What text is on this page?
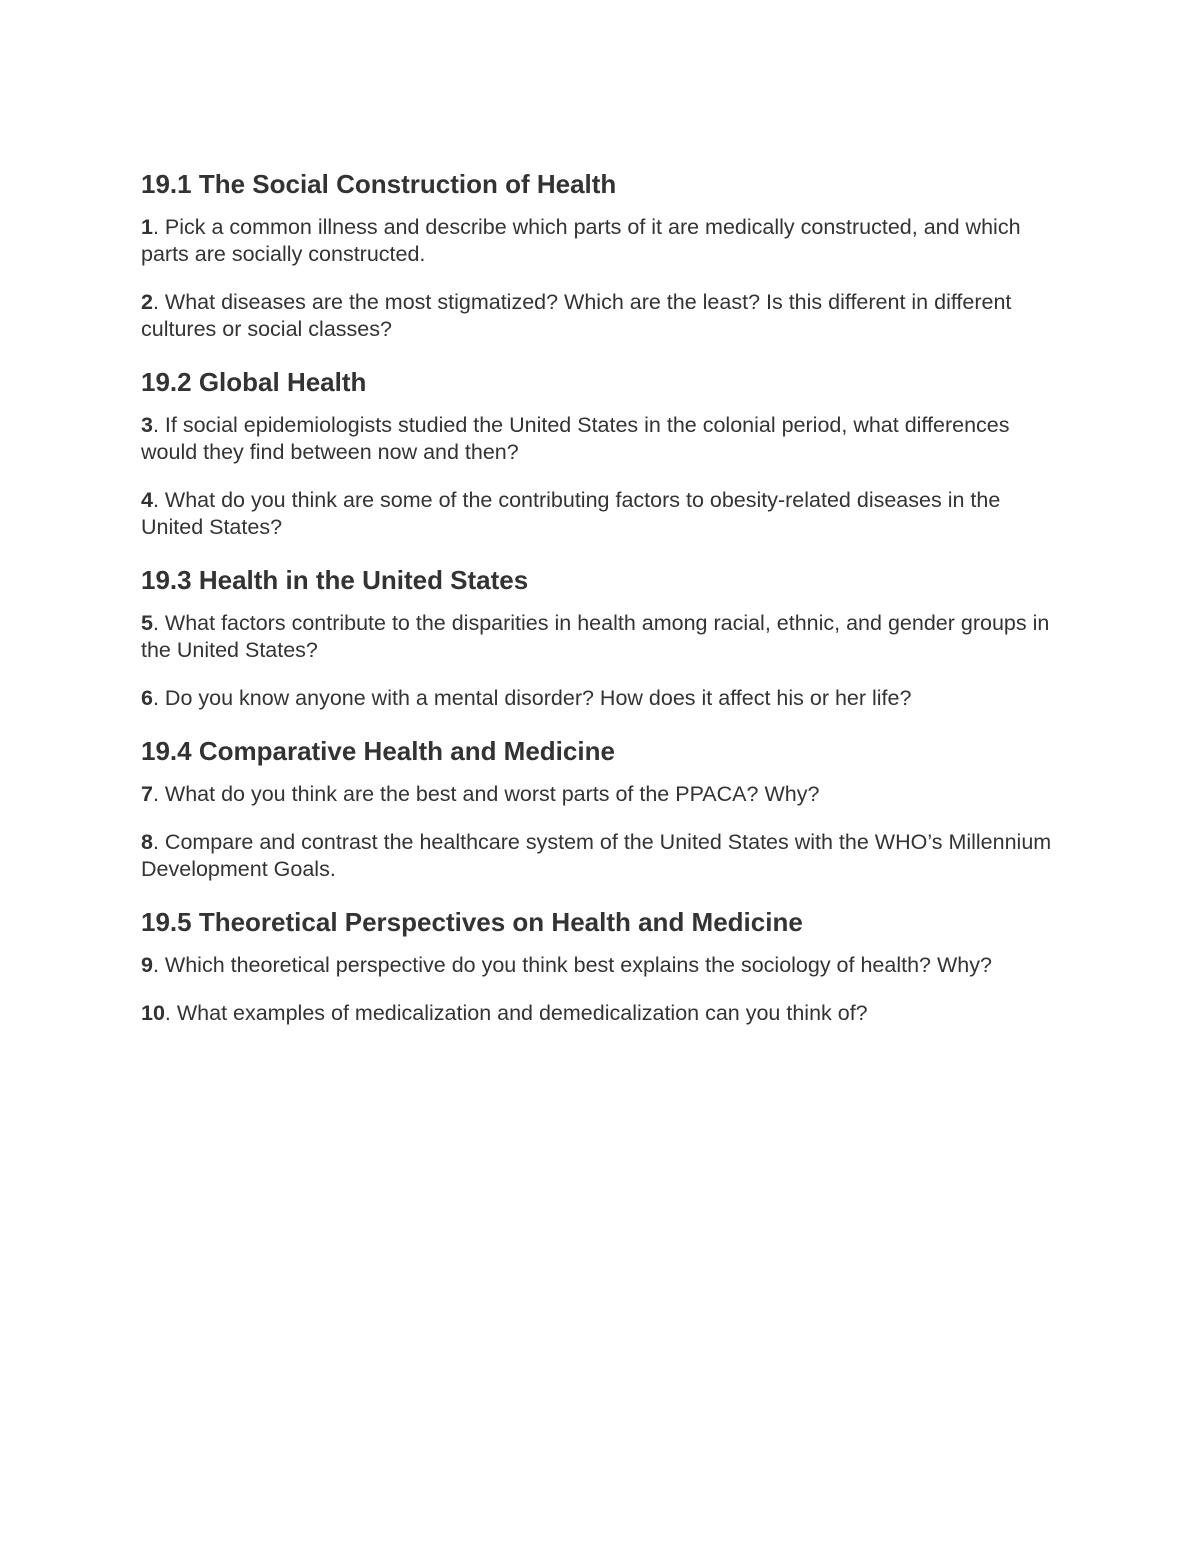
19.1 The Social Construction of Health

1. Pick a common illness and describe which parts of it are medically constructed, and which parts are socially constructed.

2. What diseases are the most stigmatized? Which are the least? Is this different in different cultures or social classes?

19.2 Global Health

3. If social epidemiologists studied the United States in the colonial period, what differences would they find between now and then?

4. What do you think are some of the contributing factors to obesity-related diseases in the United States?

19.3 Health in the United States

5. What factors contribute to the disparities in health among racial, ethnic, and gender groups in the United States?

6. Do you know anyone with a mental disorder? How does it affect his or her life?

19.4 Comparative Health and Medicine

7. What do you think are the best and worst parts of the PPACA? Why?

8. Compare and contrast the healthcare system of the United States with the WHO’s Millennium Development Goals.

19.5 Theoretical Perspectives on Health and Medicine

9. Which theoretical perspective do you think best explains the sociology of health? Why?

10. What examples of medicalization and demedicalization can you think of?
